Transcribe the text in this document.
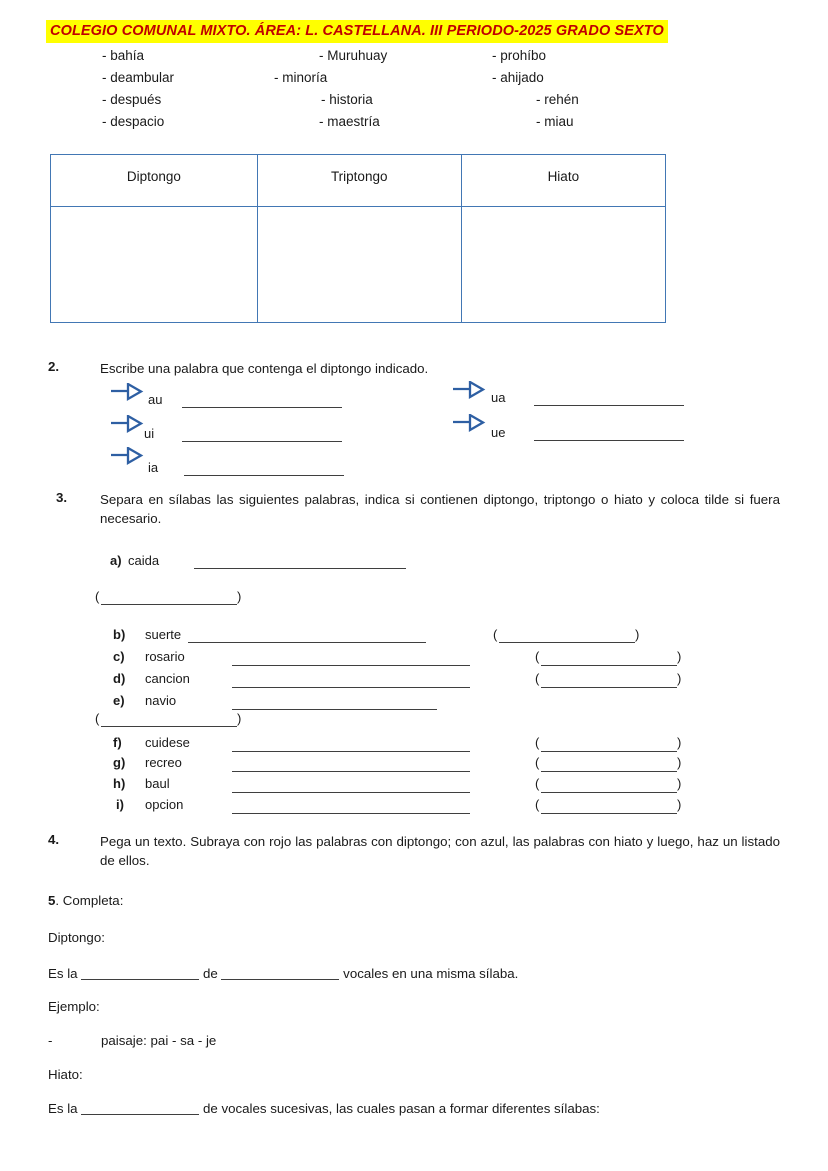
COLEGIO COMUNAL MIXTO. ÁREA: L. CASTELLANA. III PERIODO-2025 GRADO SEXTO
- bahía	- Muruhuay	- prohíbo
- deambular	- minoría	- ahijado
- después	- historia	- rehén
- despacio	- maestría	- miau
Diptongo	Triptongo	Hiato

2.	Escribe una palabra que contenga el diptongo indicado.
au
ui
ia
ua
ue
3. Separa en sílabas las siguientes palabras, indica si contienen diptongo, triptongo o hiato y coloca tilde si fuera necesario.
a) caida
(	)
b) suerte	(	)
c) rosario	(	)
d) cancion	(	)
e) navio
(	)
f) cuidese	(	)
g) recreo	(	)
h) baul	(	)
i) opcion	(	)
4.	Pega un texto. Subraya con rojo las palabras con diptongo; con azul, las palabras con hiato y luego, haz un listado de ellos.
5. Completa:
Diptongo:
Es la	de	vocales en una misma sílaba.
Ejemplo:
-	paisaje: pai - sa - je
Hiato:
Es la	de vocales sucesivas, las cuales pasan a formar diferentes sílabas:
